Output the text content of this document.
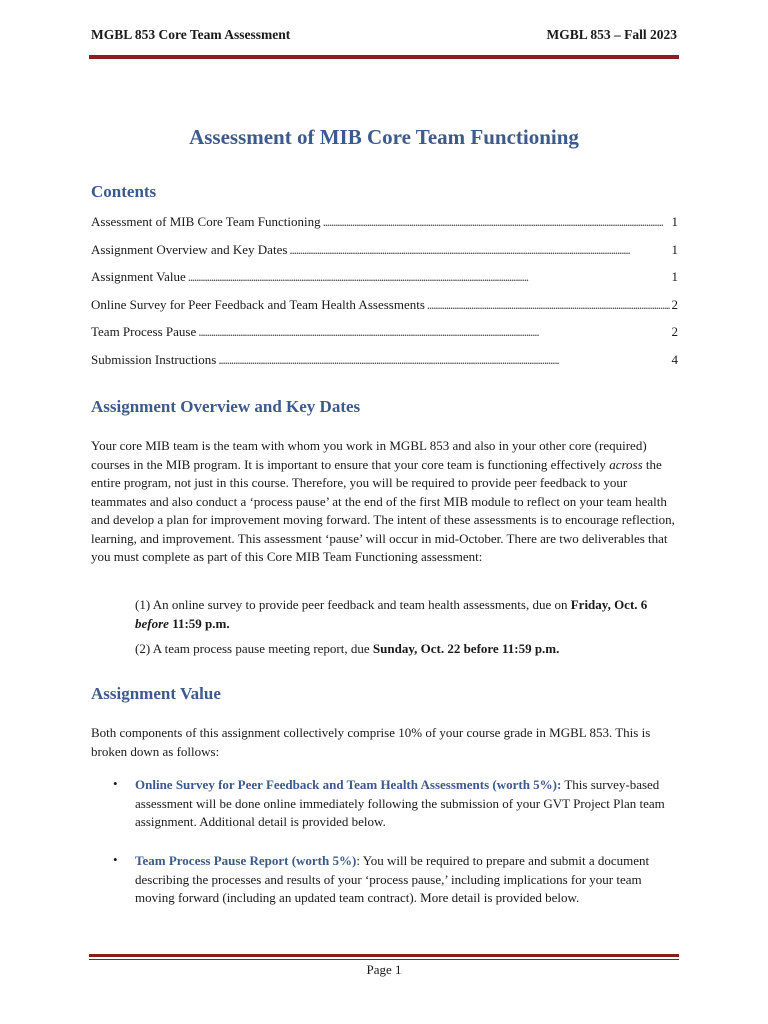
MGBL 853 Core Team Assessment	MGBL 853 – Fall 2023
Assessment of MIB Core Team Functioning
Contents
Assessment of MIB Core Team Functioning . . .	1
Assignment Overview and Key Dates . . .	1
Assignment Value . . .	1
Online Survey for Peer Feedback and Team Health Assessments . . .	2
Team Process Pause . . .	2
Submission Instructions . . .	4
Assignment Overview and Key Dates
Your core MIB team is the team with whom you work in MGBL 853 and also in your other core (required) courses in the MIB program. It is important to ensure that your core team is functioning effectively across the entire program, not just in this course. Therefore, you will be required to provide peer feedback to your teammates and also conduct a ‘process pause’ at the end of the first MIB module to reflect on your team health and develop a plan for improvement moving forward. The intent of these assessments is to encourage reflection, learning, and improvement. This assessment ‘pause’ will occur in mid-October. There are two deliverables that you must complete as part of this Core MIB Team Functioning assessment:
(1) An online survey to provide peer feedback and team health assessments, due on Friday, Oct. 6 before 11:59 p.m.
(2) A team process pause meeting report, due Sunday, Oct. 22 before 11:59 p.m.
Assignment Value
Both components of this assignment collectively comprise 10% of your course grade in MGBL 853. This is broken down as follows:
• Online Survey for Peer Feedback and Team Health Assessments (worth 5%): This survey-based assessment will be done online immediately following the submission of your GVT Project Plan team assignment. Additional detail is provided below.
• Team Process Pause Report (worth 5%): You will be required to prepare and submit a document describing the processes and results of your ‘process pause,’ including implications for your team moving forward (including an updated team contract). More detail is provided below.
Page 1
